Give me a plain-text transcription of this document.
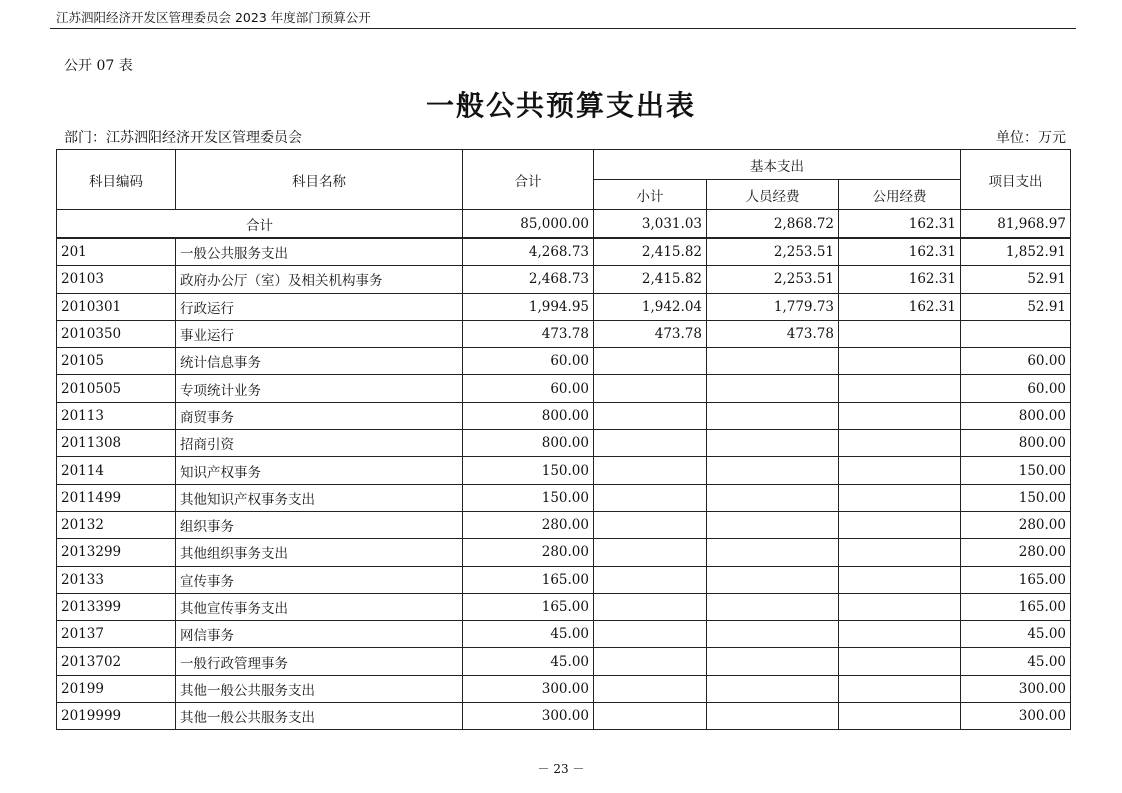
江苏泗阳经济开发区管理委员会 2023 年度部门预算公开
公开 07 表
一般公共预算支出表
部门：江苏泗阳经济开发区管理委员会	单位：万元
科目编码	科目名称	合计	基本支出			项目支出
			小计	人员经费	公用经费	
合计		85,000.00	3,031.03	2,868.72	162.31	81,968.97
201	一般公共服务支出	4,268.73	2,415.82	2,253.51	162.31	1,852.91
20103	政府办公厅（室）及相关机构事务	2,468.73	2,415.82	2,253.51	162.31	52.91
2010301	行政运行	1,994.95	1,942.04	1,779.73	162.31	52.91
2010350	事业运行	473.78	473.78	473.78		
20105	统计信息事务	60.00				60.00
2010505	专项统计业务	60.00				60.00
20113	商贸事务	800.00				800.00
2011308	招商引资	800.00				800.00
20114	知识产权事务	150.00				150.00
2011499	其他知识产权事务支出	150.00				150.00
20132	组织事务	280.00				280.00
2013299	其他组织事务支出	280.00				280.00
20133	宣传事务	165.00				165.00
2013399	其他宣传事务支出	165.00				165.00
20137	网信事务	45.00				45.00
2013702	一般行政管理事务	45.00				45.00
20199	其他一般公共服务支出	300.00				300.00
2019999	其他一般公共服务支出	300.00				300.00
－ 23 －
